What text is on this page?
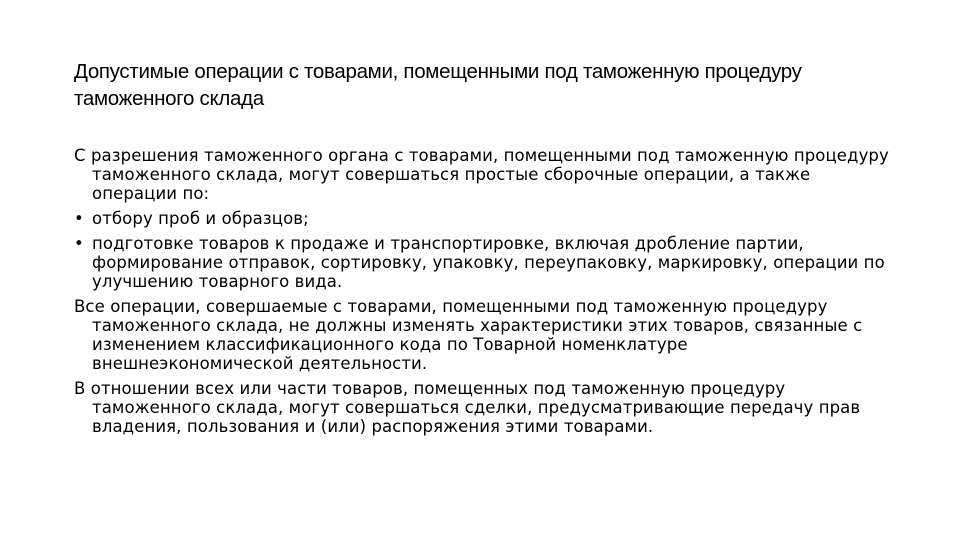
Допустимые операции с товарами, помещенными под таможенную процедуру таможенного склада

С разрешения таможенного органа с товарами, помещенными под таможенную процедуру таможенного склада, могут совершаться простые сборочные операции, а также операции по:

• отбору проб и образцов;
• подготовке товаров к продаже и транспортировке, включая дробление партии, формирование отправок, сортировку, упаковку, переупаковку, маркировку, операции по улучшению товарного вида.

Все операции, совершаемые с товарами, помещенными под таможенную процедуру таможенного склада, не должны изменять характеристики этих товаров, связанные с изменением классификационного кода по Товарной номенклатуре внешнеэкономической деятельности.

В отношении всех или части товаров, помещенных под таможенную процедуру таможенного склада, могут совершаться сделки, предусматривающие передачу прав владения, пользования и (или) распоряжения этими товарами.
